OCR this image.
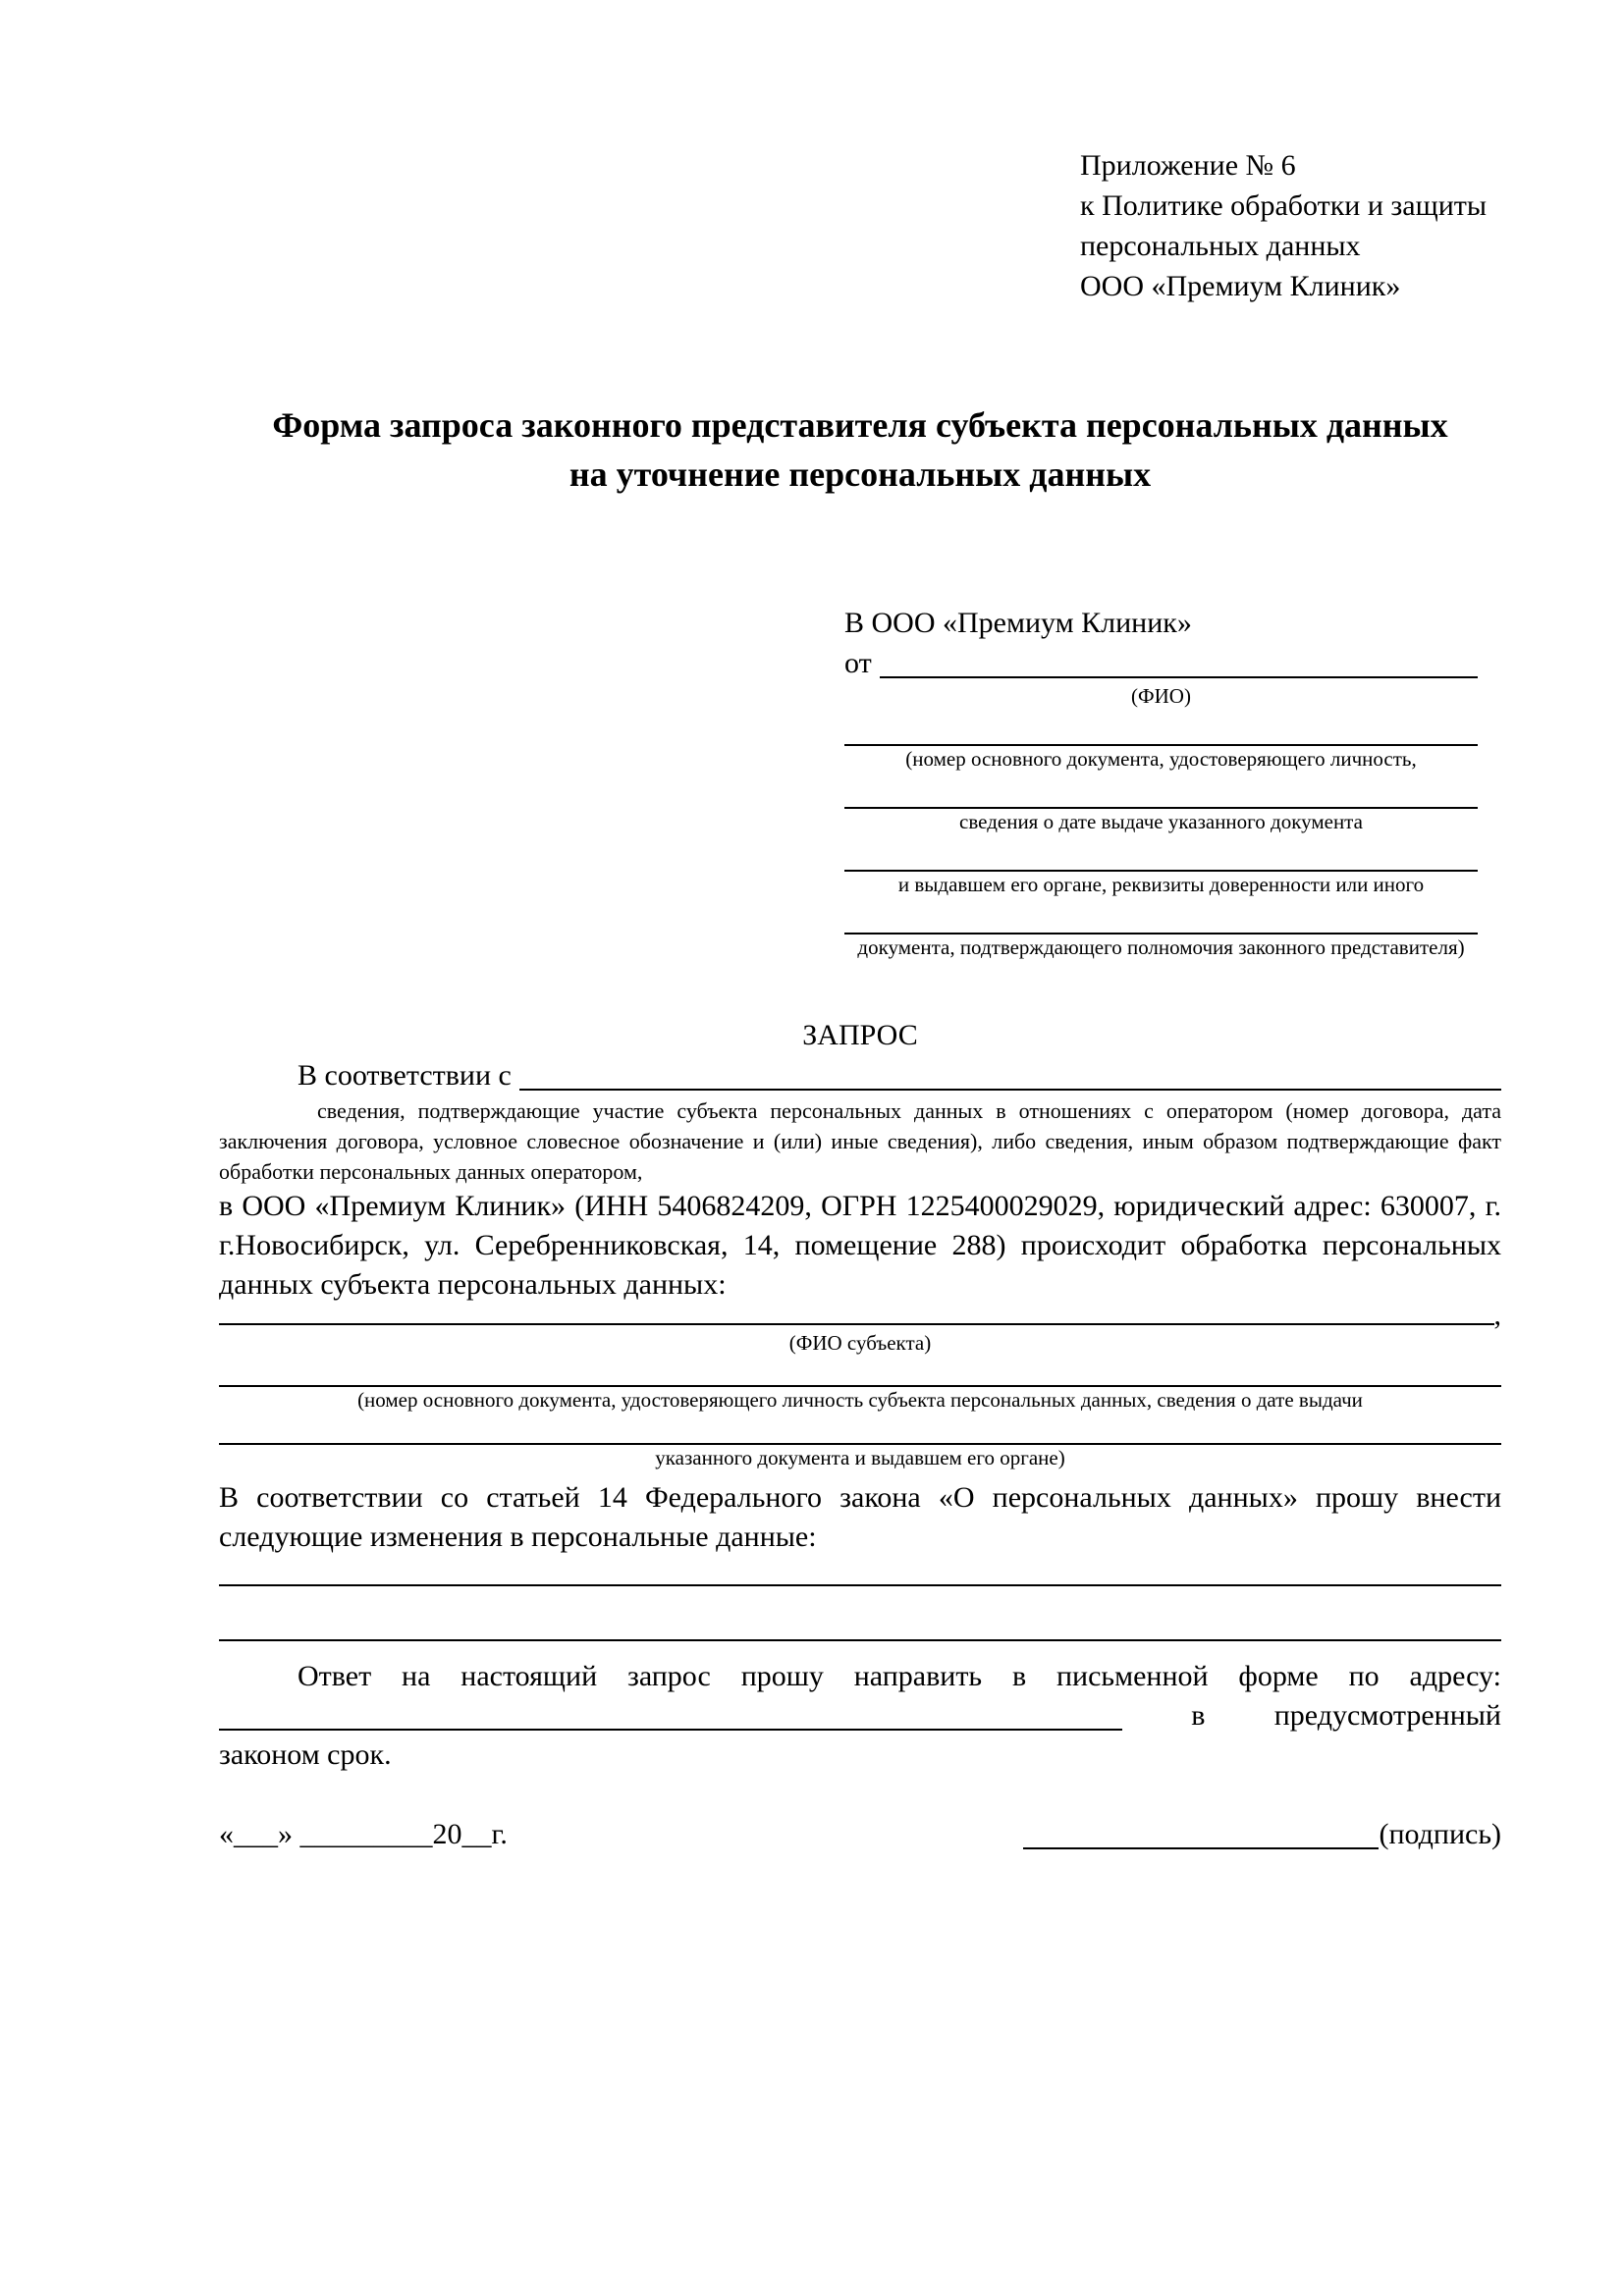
Приложение № 6
к Политике обработки и защиты
персональных данных
ООО «Премиум Клиник»
Форма запроса законного представителя субъекта персональных данных
на уточнение персональных данных
В ООО «Премиум Клиник»
от
(ФИО)
(номер основного документа, удостоверяющего личность,
сведения о дате выдаче указанного документа
и выдавшем его органе, реквизиты доверенности или иного
документа, подтверждающего полномочия законного представителя)
ЗАПРОС
В соответствии с
сведения, подтверждающие участие субъекта персональных данных в отношениях с оператором (номер договора, дата заключения договора, условное словесное обозначение и (или) иные сведения), либо сведения, иным образом подтверждающие факт обработки персональных данных оператором,

в ООО «Премиум Клиник» (ИНН 5406824209, ОГРН 1225400029029, юридический адрес: 630007, г. г.Новосибирск, ул. Серебренниковская, 14, помещение 288) происходит обработка персональных данных субъекта персональных данных:

,
(ФИО субъекта)
(номер основного документа, удостоверяющего личность субъекта персональных данных, сведения о дате выдачи
указанного документа и выдавшем его органе)

В соответствии со статьей 14 Федерального закона «О персональных данных» прошу внести следующие изменения в персональные данные:

Ответ на настоящий запрос прошу направить в письменной форме по адресу:
в предусмотренный
законом срок.
«___» _________20__г.	(подпись)
